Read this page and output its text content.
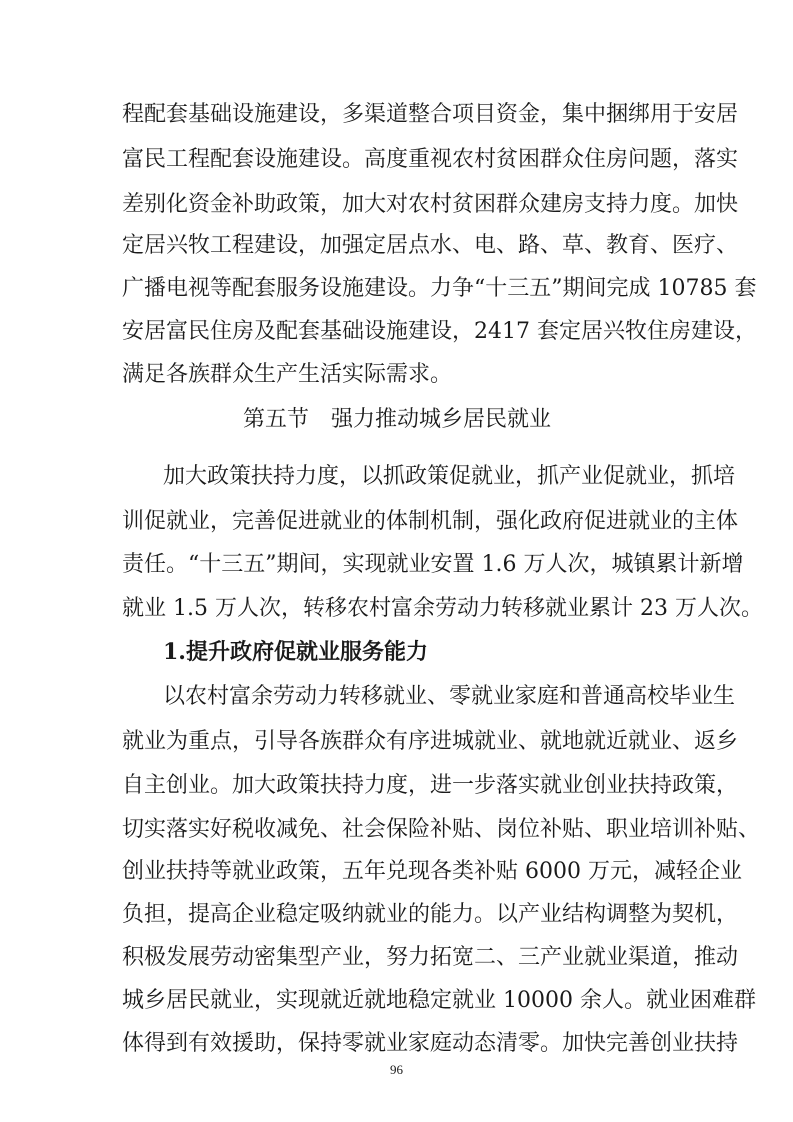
程配套基础设施建设，多渠道整合项目资金，集中捆绑用于安居
富民工程配套设施建设。高度重视农村贫困群众住房问题，落实
差别化资金补助政策，加大对农村贫困群众建房支持力度。加快
定居兴牧工程建设，加强定居点水、电、路、草、教育、医疗、
广播电视等配套服务设施建设。力争“十三五”期间完成 10785 套
安居富民住房及配套基础设施建设，2417 套定居兴牧住房建设，
满足各族群众生产生活实际需求。
第五节　强力推动城乡居民就业
加大政策扶持力度，以抓政策促就业，抓产业促就业，抓培
训促就业，完善促进就业的体制机制，强化政府促进就业的主体
责任。“十三五”期间，实现就业安置 1.6 万人次，城镇累计新增
就业 1.5 万人次，转移农村富余劳动力转移就业累计 23 万人次。
1.提升政府促就业服务能力
以农村富余劳动力转移就业、零就业家庭和普通高校毕业生
就业为重点，引导各族群众有序进城就业、就地就近就业、返乡
自主创业。加大政策扶持力度，进一步落实就业创业扶持政策，
切实落实好税收减免、社会保险补贴、岗位补贴、职业培训补贴、
创业扶持等就业政策，五年兑现各类补贴 6000 万元，减轻企业
负担，提高企业稳定吸纳就业的能力。以产业结构调整为契机，
积极发展劳动密集型产业，努力拓宽二、三产业就业渠道，推动
城乡居民就业，实现就近就地稳定就业 10000 余人。就业困难群
体得到有效援助，保持零就业家庭动态清零。加快完善创业扶持
96
